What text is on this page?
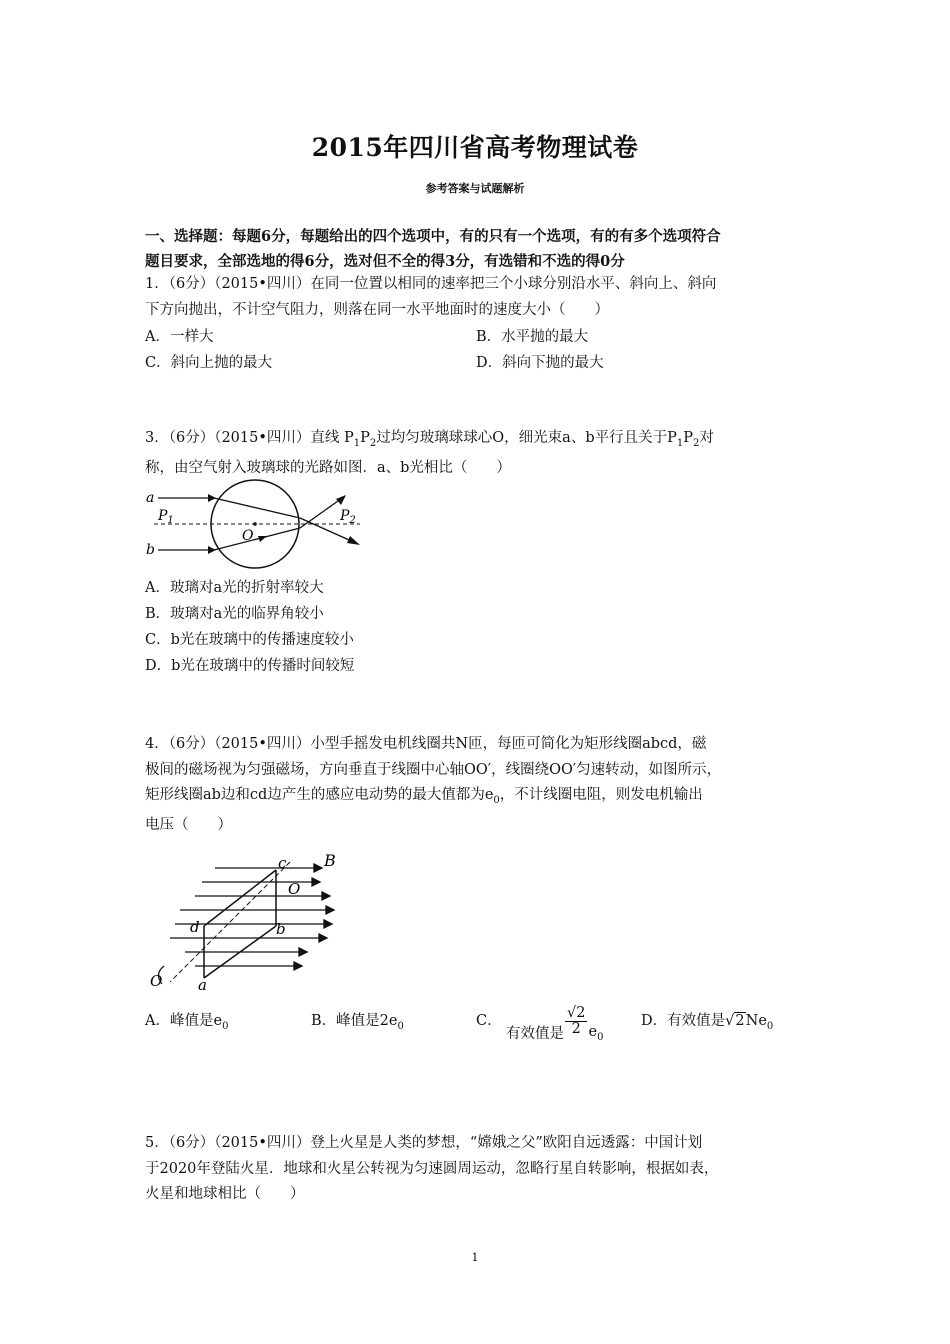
2015年四川省高考物理试卷
参考答案与试题解析
一、选择题：每题6分，每题给出的四个选项中，有的只有一个选项，有的有多个选项符合
题目要求，全部选地的得6分，选对但不全的得3分，有选错和不选的得0分
1．（6分）（2015•四川）在同一位置以相同的速率把三个小球分别沿水平、斜向上、斜向
下方向抛出，不计空气阻力，则落在同一水平地面时的速度大小（　　）
A．一样大	B．水平抛的最大
C．斜向上抛的最大	D．斜向下抛的最大
3．（6分）（2015•四川）直线 $P_1P_2$过均匀玻璃球球心O，细光束a、b平行且关于$P_1P_2$对
称，由空气射入玻璃球的光路如图．a、b光相比（　　）
a
b
$P_1$	$P_2$
O
A．玻璃对a光的折射率较大
B．玻璃对a光的临界角较小
C．b光在玻璃中的传播速度较小
D．b光在玻璃中的传播时间较短
4．（6分）（2015•四川）小型手摇发电机线圈共N匝，每匝可简化为矩形线圈abcd，磁
极间的磁场视为匀强磁场，方向垂直于线圈中心轴OO′，线圈绕OO′匀速转动，如图所示，
矩形线圈ab边和cd边产生的感应电动势的最大值都为$e_0$，不计线圈电阻，则发电机输出
电压（　　）
c B
O
d	b
O a
A．峰值是$e_0$	B．峰值是$2e_0$	C．
有效值是 $\frac{√2}{2} e_0$
D．有效值是$√2Ne_0$
5．（6分）（2015•四川）登上火星是人类的梦想，“嫦娥之父”欧阳自远透露：中国计划
于2020年登陆火星．地球和火星公转视为匀速圆周运动，忽略行星自转影响，根据如表，
火星和地球相比（　　）
1
